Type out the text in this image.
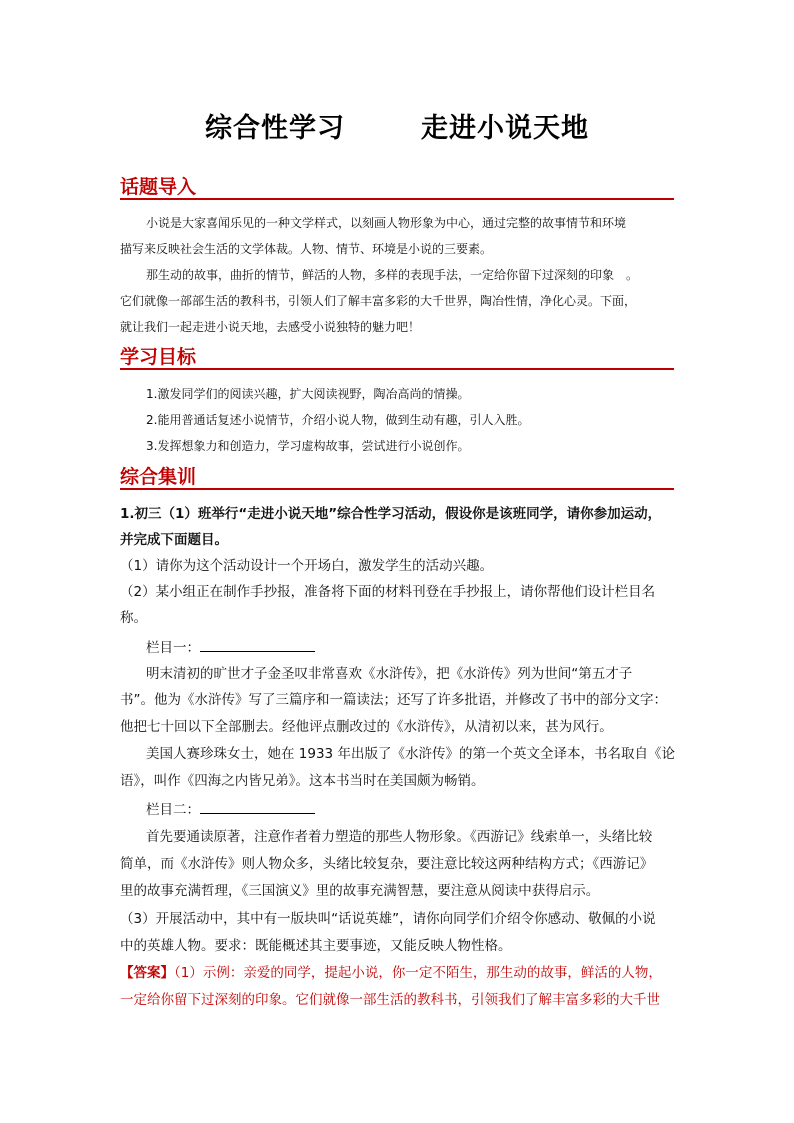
综合性学习	走进小说天地
话题导入
小说是大家喜闻乐见的一种文学样式，以刻画人物形象为中心，通过完整的故事情节和环境
描写来反映社会生活的文学体裁。人物、情节、环境是小说的三要素。
那生动的故事，曲折的情节，鲜活的人物，多样的表现手法，一定给你留下过深刻的印象　。
它们就像一部部生活的教科书，引领人们了解丰富多彩的大千世界，陶冶性情，净化心灵。下面，
就让我们一起走进小说天地，去感受小说独特的魅力吧！
学习目标
1.激发同学们的阅读兴趣，扩大阅读视野，陶冶高尚的情操。
2.能用普通话复述小说情节，介绍小说人物，做到生动有趣，引人入胜。
3.发挥想象力和创造力，学习虚构故事，尝试进行小说创作。
综合集训
1.初三（1）班举行“走进小说天地”综合性学习活动，假设你是该班同学，请你参加运动，
并完成下面题目。
（1）请你为这个活动设计一个开场白，激发学生的活动兴趣。
（2）某小组正在制作手抄报，准备将下面的材料刊登在手抄报上，请你帮他们设计栏目名
称。
栏目一：
明末清初的旷世才子金圣叹非常喜欢《水浒传》，把《水浒传》列为世间“第五才子
书”。他为《水浒传》写了三篇序和一篇读法；还写了许多批语，并修改了书中的部分文字：
他把七十回以下全部删去。经他评点删改过的《水浒传》，从清初以来，甚为风行。
美国人赛珍珠女士，她在 1933 年出版了《水浒传》的第一个英文全译本，书名取自《论
语》，叫作《四海之内皆兄弟》。这本书当时在美国颇为畅销。
栏目二：
首先要通读原著，注意作者着力塑造的那些人物形象。《西游记》线索单一，头绪比较
简单，而《水浒传》则人物众多，头绪比较复杂，要注意比较这两种结构方式；《西游记》
里的故事充满哲理，《三国演义》里的故事充满智慧，要注意从阅读中获得启示。
（3）开展活动中，其中有一版块叫“话说英雄”，请你向同学们介绍令你感动、敬佩的小说
中的英雄人物。要求：既能概述其主要事迹，又能反映人物性格。
【答案】（1）示例：亲爱的同学，提起小说，你一定不陌生，那生动的故事，鲜活的人物，
一定给你留下过深刻的印象。它们就像一部生活的教科书，引领我们了解丰富多彩的大千世
